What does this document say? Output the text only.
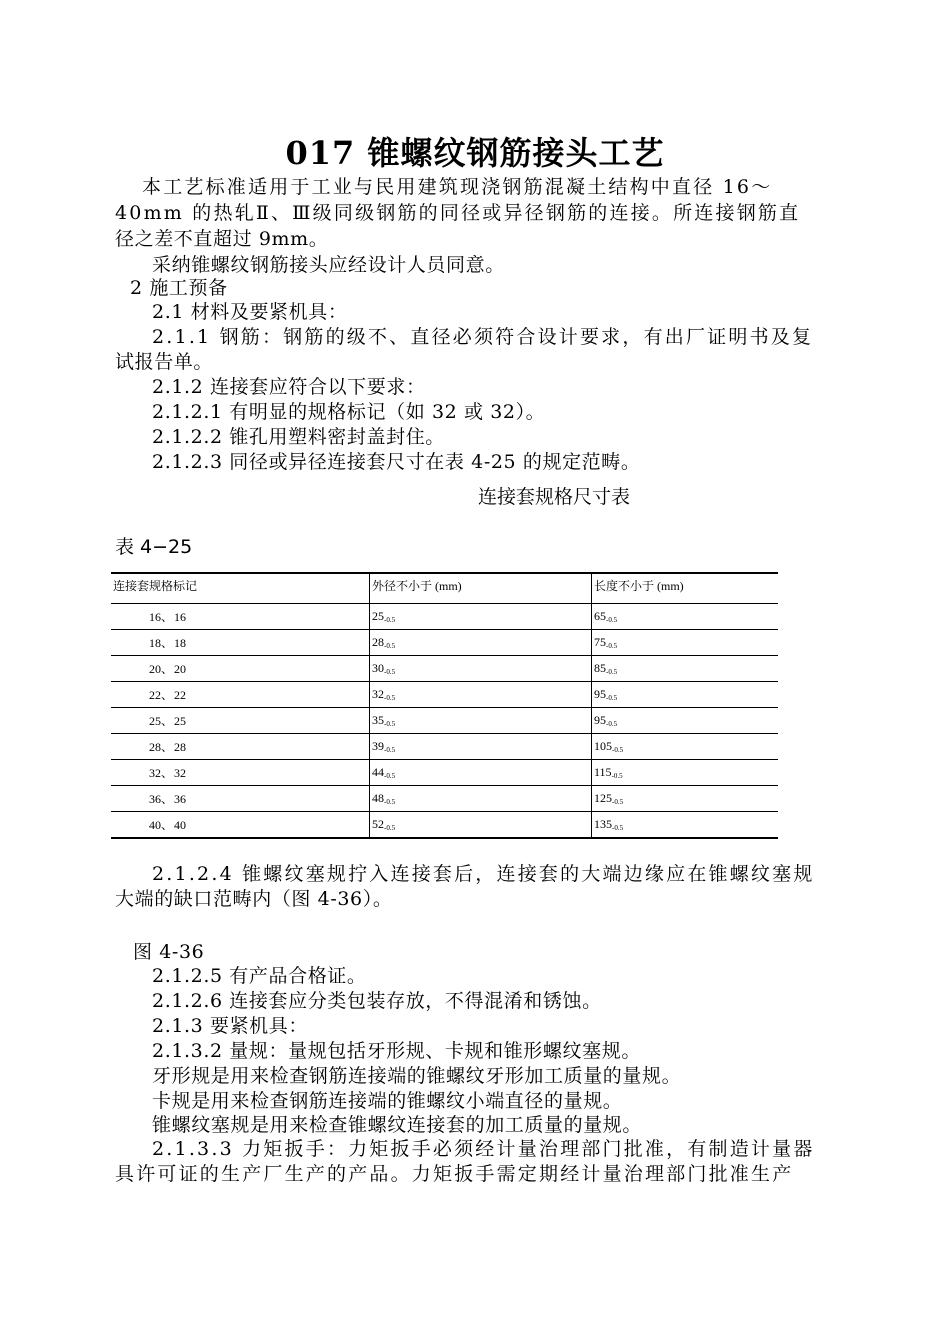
017 锥螺纹钢筋接头工艺
本工艺标准适用于工业与民用建筑现浇钢筋混凝土结构中直径 16～
40mm 的热轧Ⅱ、Ⅲ级同级钢筋的同径或异径钢筋的连接。所连接钢筋直
径之差不直超过 9mm。
采纳锥螺纹钢筋接头应经设计人员同意。
2 施工预备
2.1 材料及要紧机具：
2.1.1 钢筋：钢筋的级不、直径必须符合设计要求，有出厂证明书及复
试报告单。
2.1.2 连接套应符合以下要求：
2.1.2.1 有明显的规格标记（如 32 或 32）。
2.1.2.2 锥孔用塑料密封盖封住。
2.1.2.3 同径或异径连接套尺寸在表 4-25 的规定范畴。
连接套规格尺寸表
表 4−25
连接套规格标记	外径不小于 (mm)	长度不小于 (mm)
16、 16	$25_{-0.5}$	$65_{-0.5}$
18、 18	$28_{-0.5}$	$75_{-0.5}$
20、 20	$30_{-0.5}$	$85_{-0.5}$
22、 22	$32_{-0.5}$	$95_{-0.5}$
25、 25	$35_{-0.5}$	$95_{-0.5}$
28、 28	$39_{-0.5}$	$105_{-0.5}$
32、 32	$44_{-0.5}$	$115_{-0.5}$
36、 36	$48_{-0.5}$	$125_{-0.5}$
40、 40	$52_{-0.5}$	$135_{-0.5}$
2.1.2.4 锥螺纹塞规拧入连接套后，连接套的大端边缘应在锥螺纹塞规
大端的缺口范畴内（图 4-36）。
图 4-36
2.1.2.5 有产品合格证。
2.1.2.6 连接套应分类包装存放，不得混淆和锈蚀。
2.1.3 要紧机具：
2.1.3.2 量规：量规包括牙形规、卡规和锥形螺纹塞规。
牙形规是用来检查钢筋连接端的锥螺纹牙形加工质量的量规。
卡规是用来检查钢筋连接端的锥螺纹小端直径的量规。
锥螺纹塞规是用来检查锥螺纹连接套的加工质量的量规。
2.1.3.3 力矩扳手：力矩扳手必须经计量治理部门批准，有制造计量器
具许可证的生产厂生产的产品。力矩扳手需定期经计量治理部门批准生产
